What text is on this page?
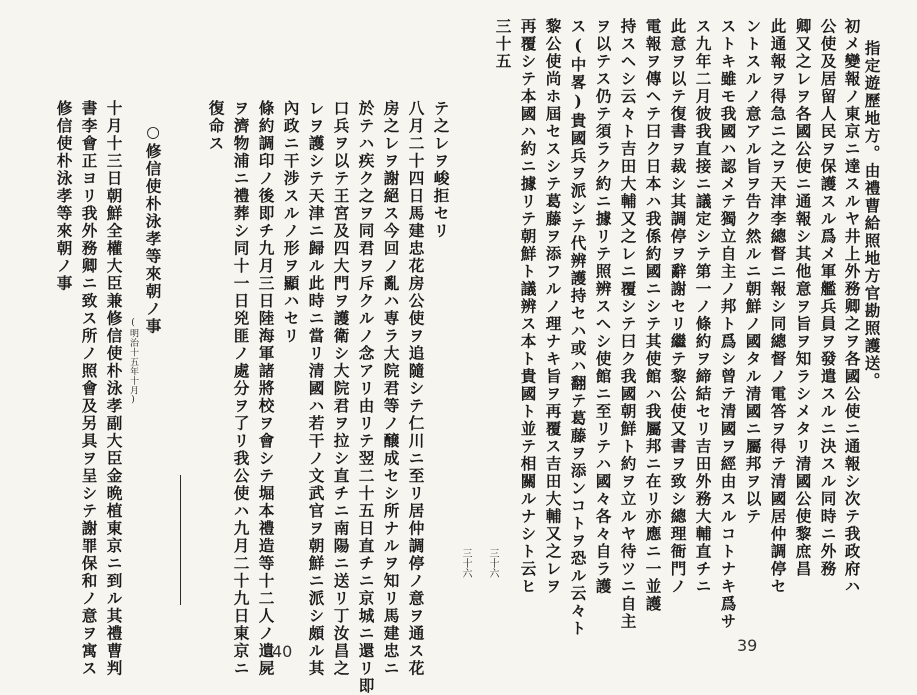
指定遊歷地方。由禮曹給照地方官勘照護送。
初メ變報ノ東京ニ達スルヤ井上外務卿之ヲ各國公使ニ通報シ次テ我政府ハ
公使及居留人民ヲ保護スル爲メ軍艦兵員ヲ發遣スルニ決スル同時ニ外務
卿又之レヲ各國公使ニ通報シ其他意ヲ旨ヲ知ラシメタリ清國公使黎庶昌
此通報ヲ得急ニ之ヲ天津李總督ニ報シ同總督ノ電答ヲ得テ清國居仲調停セ
ントスルノ意アル旨ヲ告ク然ルニ朝鮮ノ國タル清國ニ屬邦ヲ以テ
ストキ雖モ我國ハ認メテ獨立自主ノ邦ト爲シ曾テ清國ヲ經由スルコトナキ爲サ
ス九年二月彼我直接ニ議定シテ第一ノ條約ヲ締結セリ吉田外務大輔直チニ
此意ヲ以テ復書ヲ裁シ其調停ヲ辭謝セリ繼テ黎公使又書ヲ致シ總理衙門ノ
電報ヲ傳ヘテ曰ク日本ハ我係約國ニシテ其使館ハ我屬邦ニ在リ亦應ニ一並護
持スヘシ云々ト吉田大輔又之レニ覆シテ曰ク我國朝鮮ト約ヲ立ルヤ待ツニ自主
ヲ以テス仍テ須ラク約ニ據リテ照辨スヘシ使館ニ至リテハ國々各々自ラ護
ス(中畧)貴國兵ヲ派シテ代辨護持セハ或ハ翻テ葛藤ヲ添ンコトヲ恐ル云々ト
黎公使尚ホ屆セスシテ葛藤ヲ添フルノ理ナキ旨ヲ再覆ス吉田大輔又之レヲ
再覆シテ本國ハ約ニ據リテ朝鮮ト議辨ス本ト貴國ト並テ相關ルナシト云ヒ
三十五
三十六
三十六
テ之レヲ峻拒セリ
八月二十四日馬建忠花房公使ヲ追隨シテ仁川ニ至リ居仲調停ノ意ヲ通ス花
房之レヲ謝絕ス今回ノ亂ハ専ラ大院君等ノ醸成セシ所ナルヲ知リ馬建忠ニ
於テハ疾ク之ヲ同君ヲ斥クルノ念アリ由リテ翌二十五日直チニ京城ニ還リ即
口兵ヲ以テ王宮及四大門ヲ護衛シ大院君ヲ拉シ直チニ南陽ニ送リ丁汝昌之
レヲ護シテ天津ニ歸ル此時ニ當リ清國ハ若干ノ文武官ヲ朝鮮ニ派シ頗ル其
內政ニ干涉スルノ形ヲ顯ハセリ
條約調印ノ後即チ九月三日陸海軍諸將校ヲ會シテ堀本禮造等十二人ノ遺屍
ヲ濟物浦ニ禮葬シ同十一日兇匪ノ處分ヲ了リ我公使ハ九月二十九日東京ニ
復命ス
○修信使朴泳孝等來朝ノ事
(明治十五年十月)
十月十三日朝鮮全權大臣兼修信使朴泳孝副大臣金晩植東京ニ到ル其禮曹判
書李會正ヨリ我外務卿ニ致ス所ノ照會及另具ヲ呈シテ謝罪保和ノ意ヲ寓ス
修信使朴泳孝等來朝ノ事
39
40
